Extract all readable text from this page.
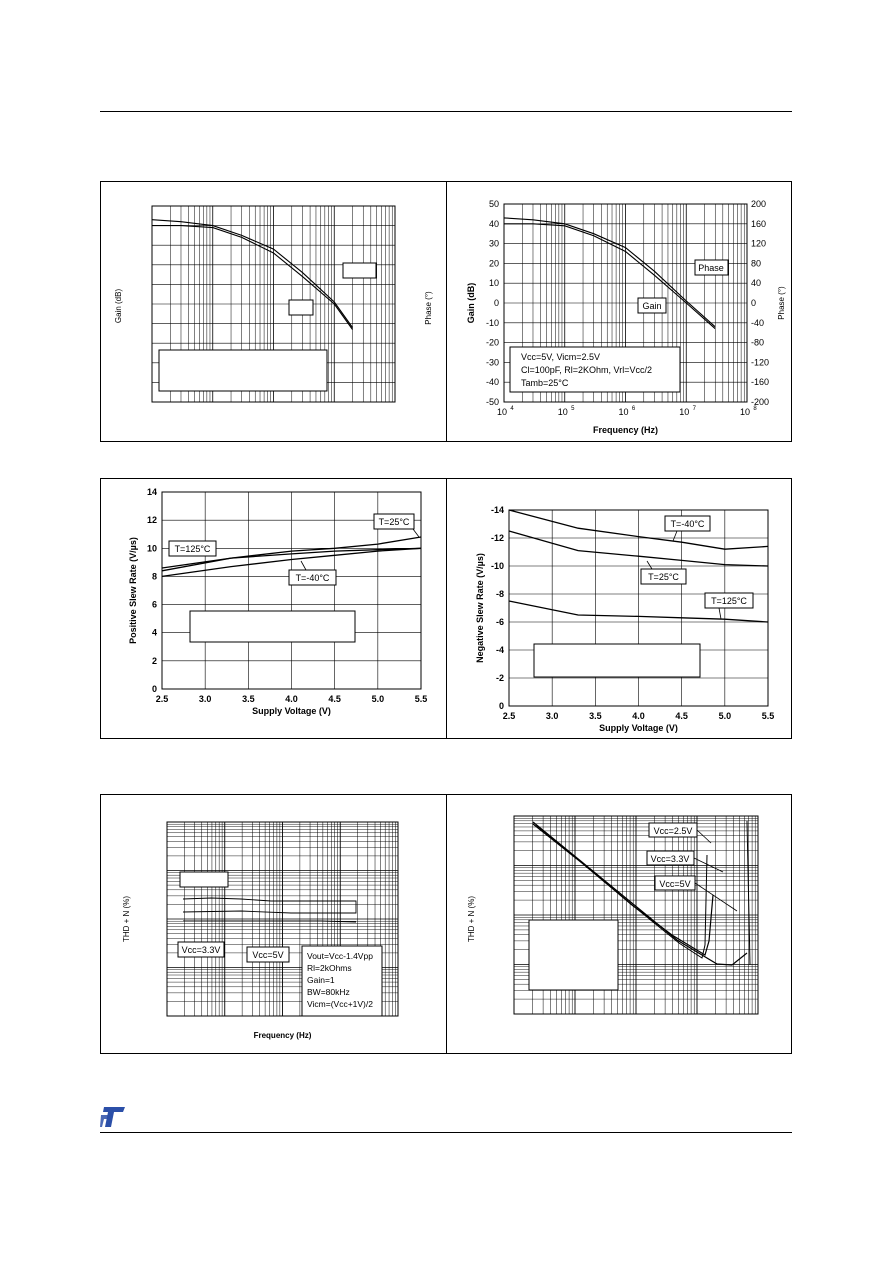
Gain (dB)	Phase (°)
50
40
30
20
10
0
-10
-20
-30
-40
-50
200
160
120
80
40
0
-40
-80
-120
-160
-200
10 4	10 5	10 6	10 7	10 8
Frequency (Hz)
Gain (dB)	Phase (°)
Phase
Gain
Vcc=5V, Vicm=2.5V
Cl=100pF, Rl=2KOhm, Vrl=Vcc/2
Tamb=25°C
2.5	3.0	3.5	4.0	4.5	5.0	5.5
14
12
10
8
6
4
2
0
Supply Voltage (V)
Positive Slew Rate (V/µs)
T=25°C
T=125°C
T=-40°C
2.5	3.0	3.5	4.0	4.5	5.0	5.5
-14
-12
-10
-8
-6
-4
-2
0
Supply Voltage (V)
Negative Slew Rate (V/µs)
T=-40°C
T=25°C
T=125°C
THD + N (%)
Frequency (Hz)
Vcc=3.3V	Vcc=5V	Vout=Vcc-1.4Vpp
Rl=2kOhms
Gain=1
BW=80kHz
Vicm=(Vcc+1V)/2
THD + N (%)
Vcc=2.5V
Vcc=3.3V
Vcc=5V
